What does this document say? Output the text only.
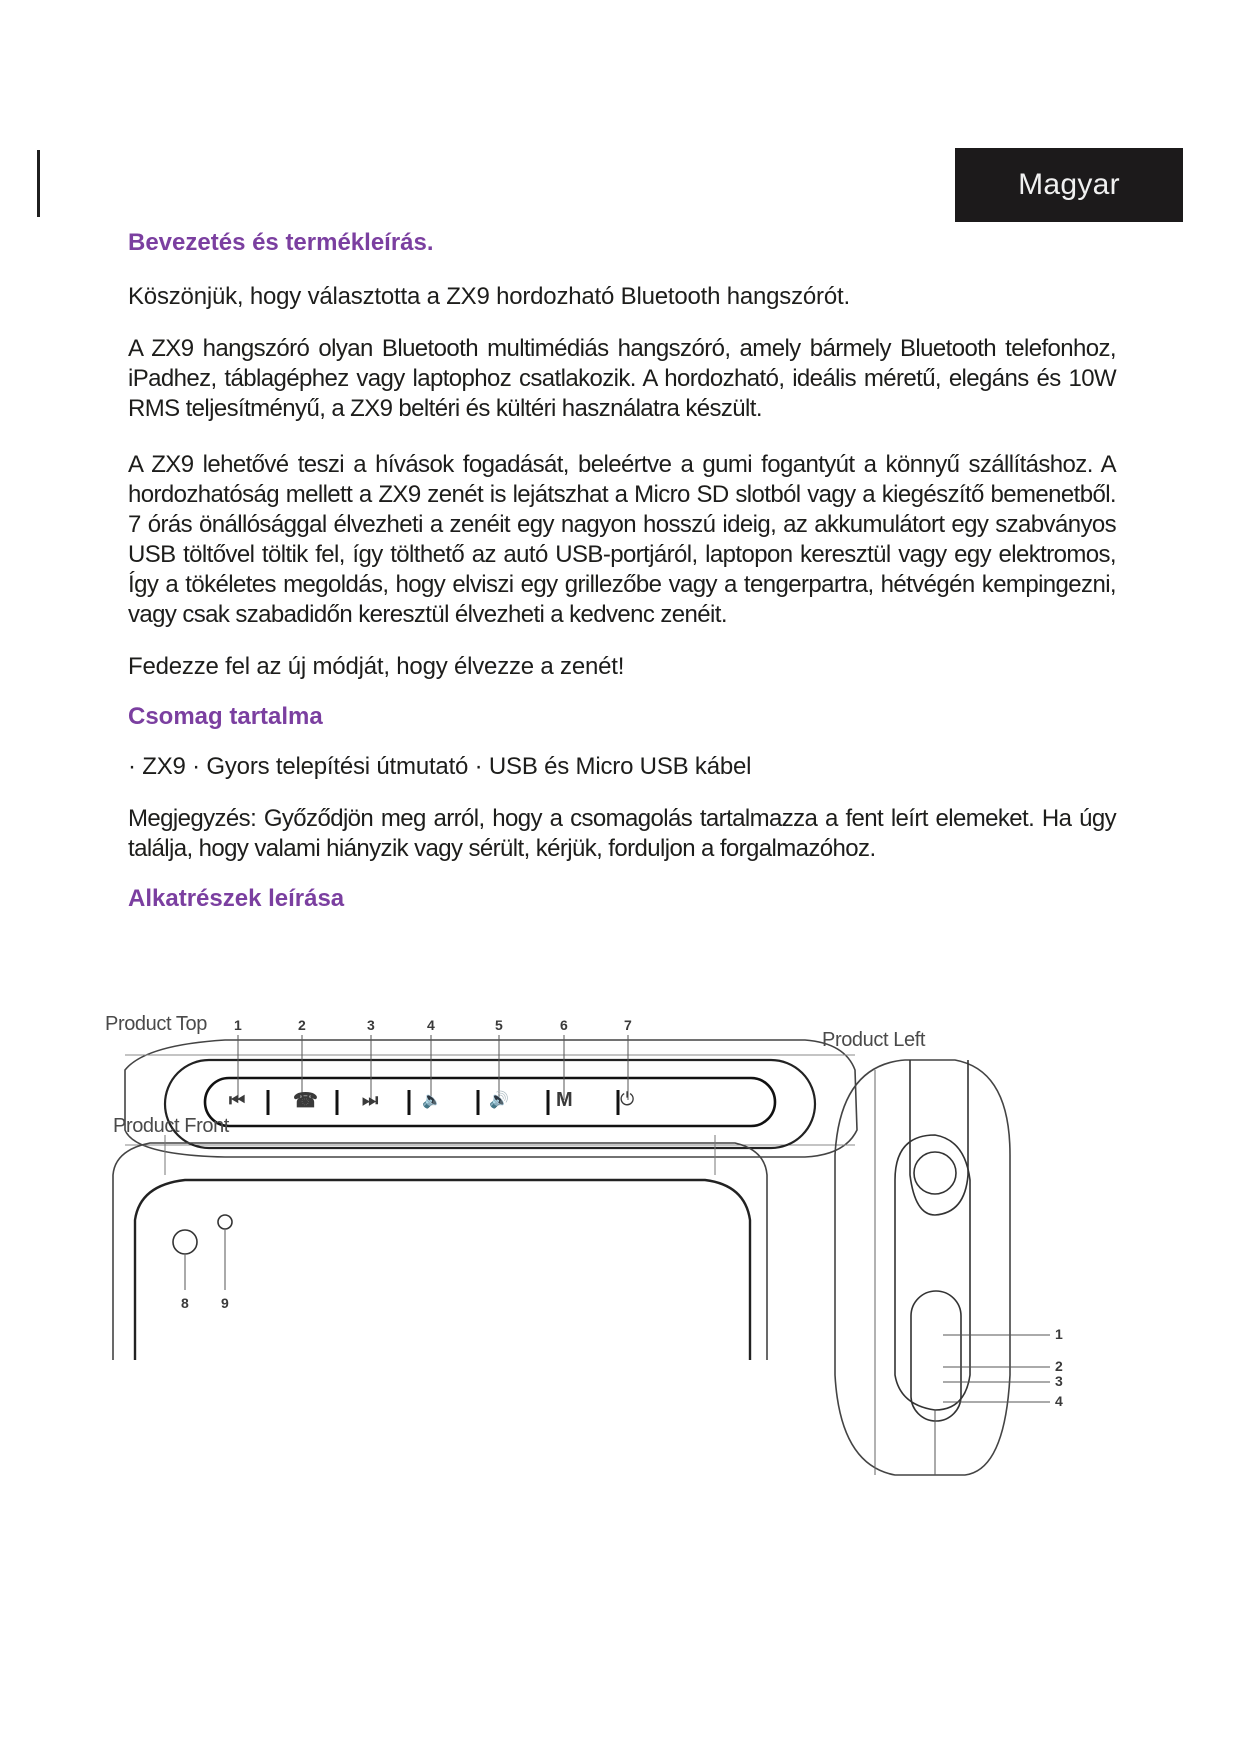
Magyar
Bevezetés és termékleírás.

Köszönjük, hogy választotta a ZX9 hordozható Bluetooth hangszórót.

A ZX9 hangszóró olyan Bluetooth multimédiás hangszóró, amely bármely Bluetooth telefonhoz, iPadhez, táblagéphez vagy laptophoz csatlakozik. A hordozható, ideális méretű, elegáns és 10W RMS teljesítményű, a ZX9 beltéri és kültéri használatra készült.

A ZX9 lehetővé teszi a hívások fogadását, beleértve a gumi fogantyút a könnyű szállításhoz. A hordozhatóság mellett a ZX9 zenét is lejátszhat a Micro SD slotból vagy a kiegészítő bemenetből. 7 órás önállósággal élvezheti a zenéit egy nagyon hosszú ideig, az akkumulátort egy szabványos USB töltővel töltik fel, így tölthető az autó USB-portjáról, laptopon keresztül vagy egy elektromos, Így a tökéletes megoldás, hogy elviszi egy grillezőbe vagy a tengerpartra, hétvégén kempingezni, vagy csak szabadidőn keresztül élvezheti a kedvenc zenéit.

Fedezze fel az új módját, hogy élvezze a zenét!

Csomag tartalma

· ZX9 · Gyors telepítési útmutató · USB és Micro USB kábel

Megjegyzés: Győződjön meg arról, hogy a csomagolás tartalmazza a fent leírt elemeket. Ha úgy találja, hogy valami hiányzik vagy sérült, kérjük, forduljon a forgalmazóhoz.

Alkatrészek leírása
Product Top
Product Front
Product Left
1	2	3	4	5	6	7
⏮ ☎ ⏭	🔈	🔊 M	⏻
8 9
1
2
3
4
